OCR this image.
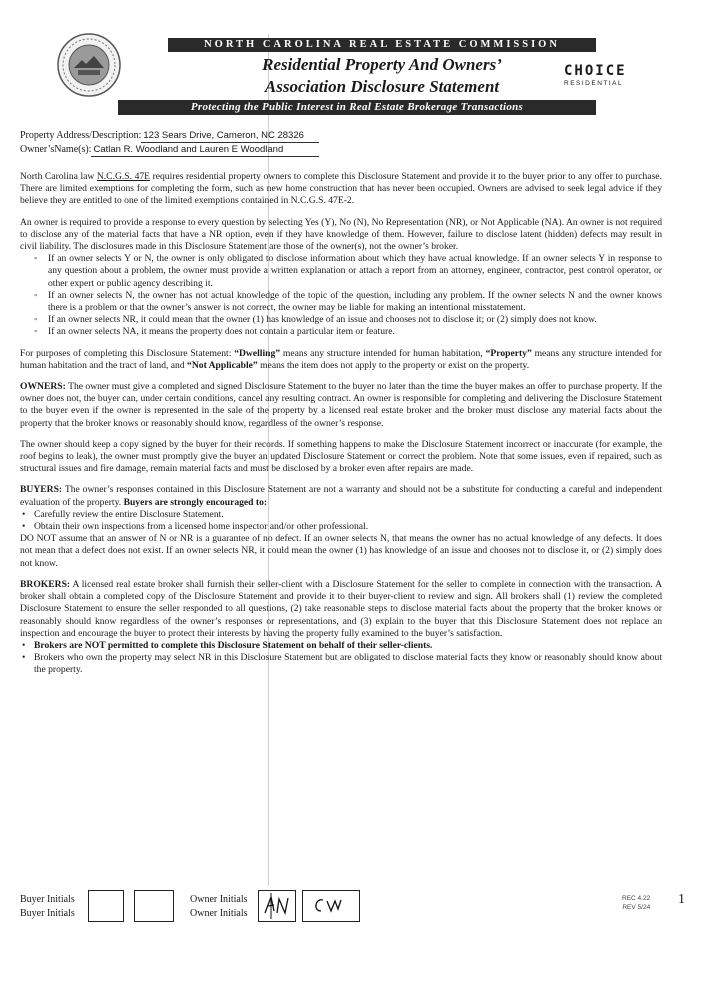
NORTH CAROLINA REAL ESTATE COMMISSION
Residential Property And Owners’
Association Disclosure Statement
CHOICE
RESIDENTIAL
Protecting the Public Interest in Real Estate Brokerage Transactions
Property Address/Description: 123 Sears Drive, Cameron, NC 28326
Owner’sName(s): Catlan R. Woodland and Lauren E Woodland

North Carolina law N.C.G.S. 47E requires residential property owners to complete this Disclosure Statement and provide it to the buyer prior to any offer to purchase. There are limited exemptions for completing the form, such as new home construction that has never been occupied. Owners are advised to seek legal advice if they believe they are entitled to one of the limited exemptions contained in N.C.G.S. 47E-2.

An owner is required to provide a response to every question by selecting Yes (Y), No (N), No Representation (NR), or Not Applicable (NA). An owner is not required to disclose any of the material facts that have a NR option, even if they have knowledge of them. However, failure to disclose latent (hidden) defects may result in civil liability. The disclosures made in this Disclosure Statement are those of the owner(s), not the owner’s broker.

◦ If an owner selects Y or N, the owner is only obligated to disclose information about which they have actual knowledge. If an owner selects Y in response to any question about a problem, the owner must provide a written explanation or attach a report from an attorney, engineer, contractor, pest control operator, or other expert or public agency describing it.
◦ If an owner selects N, the owner has not actual knowledge of the topic of the question, including any problem. If the owner selects N and the owner knows there is a problem or that the owner’s answer is not correct, the owner may be liable for making an intentional misstatement.
◦ If an owner selects NR, it could mean that the owner (1) has knowledge of an issue and chooses not to disclose it; or (2) simply does not know.
◦ If an owner selects NA, it means the property does not contain a particular item or feature.

For purposes of completing this Disclosure Statement: “Dwelling” means any structure intended for human habitation, “Property” means any structure intended for human habitation and the tract of land, and “Not Applicable” means the item does not apply to the property or exist on the property.

OWNERS: The owner must give a completed and signed Disclosure Statement to the buyer no later than the time the buyer makes an offer to purchase property. If the owner does not, the buyer can, under certain conditions, cancel any resulting contract. An owner is responsible for completing and delivering the Disclosure Statement to the buyer even if the owner is represented in the sale of the property by a licensed real estate broker and the broker must disclose any material facts about the property that the broker knows or reasonably should know, regardless of the owner’s response.

The owner should keep a copy signed by the buyer for their records. If something happens to make the Disclosure Statement incorrect or inaccurate (for example, the roof begins to leak), the owner must promptly give the buyer an updated Disclosure Statement or correct the problem. Note that some issues, even if repaired, such as structural issues and fire damage, remain material facts and must be disclosed by a broker even after repairs are made.

BUYERS: The owner’s responses contained in this Disclosure Statement are not a warranty and should not be a substitute for conducting a careful and independent evaluation of the property. Buyers are strongly encouraged to:

• Carefully review the entire Disclosure Statement.
• Obtain their own inspections from a licensed home inspector and/or other professional.

DO NOT assume that an answer of N or NR is a guarantee of no defect. If an owner selects N, that means the owner has no actual knowledge of any defects. It does not mean that a defect does not exist. If an owner selects NR, it could mean the owner (1) has knowledge of an issue and chooses not to disclose it, or (2) simply does not know.

BROKERS: A licensed real estate broker shall furnish their seller-client with a Disclosure Statement for the seller to complete in connection with the transaction. A broker shall obtain a completed copy of the Disclosure Statement and provide it to their buyer-client to review and sign. All brokers shall (1) review the completed Disclosure Statement to ensure the seller responded to all questions, (2) take reasonable steps to disclose material facts about the property that the broker knows or reasonably should know regardless of the owner’s responses or representations, and (3) explain to the buyer that this Disclosure Statement does not replace an inspection and encourage the buyer to protect their interests by having the property fully examined to the buyer’s satisfaction.

• Brokers are NOT permitted to complete this Disclosure Statement on behalf of their seller-clients.
• Brokers who own the property may select NR in this Disclosure Statement but are obligated to disclose material facts they know or reasonably should know about the property.
Buyer Initials
Buyer Initials
Owner Initials
Owner Initials
REC 4.22
REV 5/24
1
